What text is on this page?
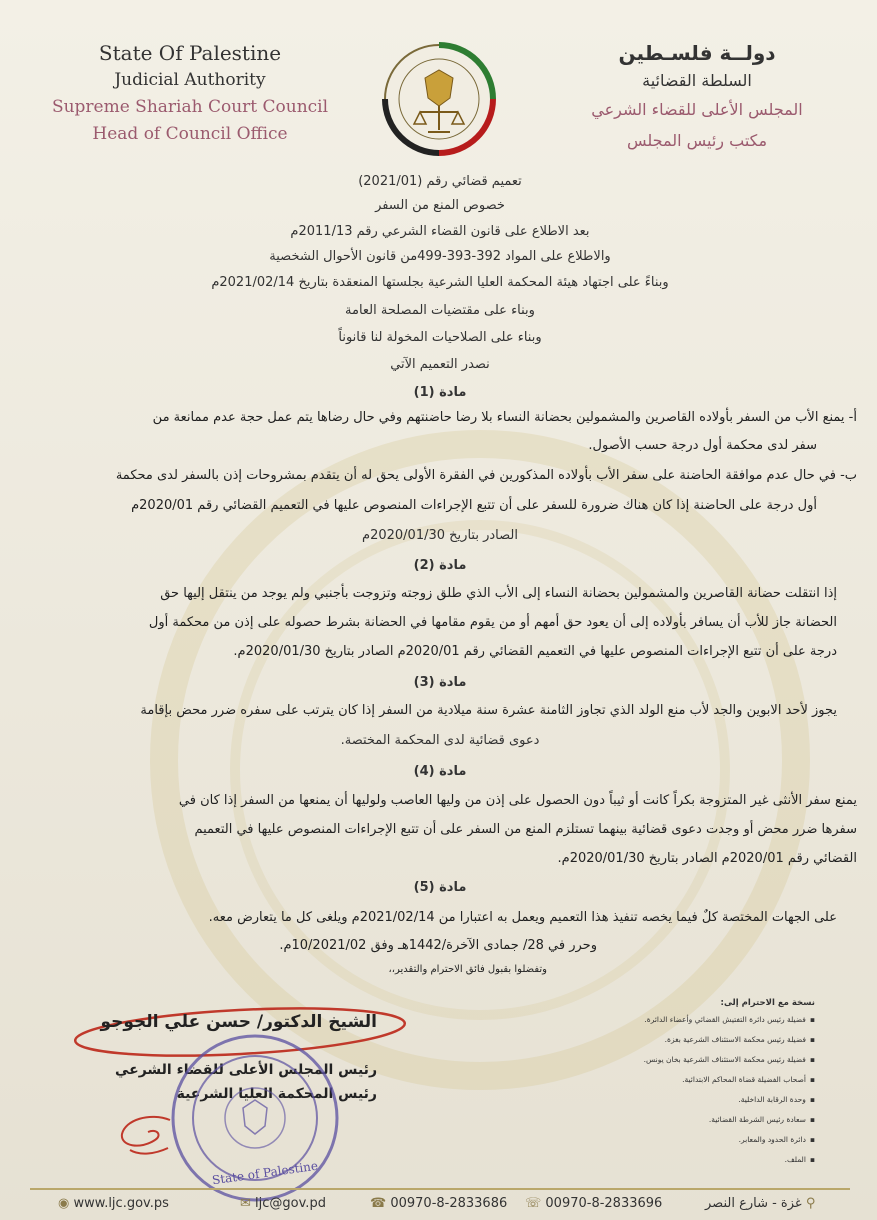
State Of Palestine
Judicial Authority
Supreme Shariah Court Council
Head of Council Office
دولــة فلسـطين
السلطة القضائية
المجلس الأعلى للقضاء الشرعي
مكتب رئيس المجلس
تعميم قضائي رقم (2021/01)
خصوص المنع من السفر
بعد الاطلاع على قانون القضاء الشرعي رقم 2011/13م
والاطلاع على المواد 392-393-499من قانون الأحوال الشخصية
وبناءً على اجتهاد هيئة المحكمة العليا الشرعية بجلستها المنعقدة بتاريخ 2021/02/14م
وبناء على مقتضيات المصلحة العامة
وبناء على الصلاحيات المخولة لنا قانوناً
نصدر التعميم الآتي
مادة (1)
أ- يمنع الأب من السفر بأولاده القاصرين والمشمولين بحضانة النساء بلا رضا حاضنتهم وفي حال رضاها يتم عمل حجة عدم ممانعة من
سفر لدى محكمة أول درجة حسب الأصول.
ب- في حال عدم موافقة الحاضنة على سفر الأب بأولاده المذكورين في الفقرة الأولى يحق له أن يتقدم بمشروحات إذن بالسفر لدى محكمة
أول درجة على الحاضنة إذا كان هناك ضرورة للسفر على أن تتبع الإجراءات المنصوص عليها في التعميم القضائي رقم 2020/01م
الصادر بتاريخ 2020/01/30م
مادة (2)
إذا انتقلت حضانة القاصرين والمشمولين بحضانة النساء إلى الأب الذي طلق زوجته وتزوجت بأجنبي ولم يوجد من ينتقل إليها حق
الحضانة جاز للأب أن يسافر بأولاده إلى أن يعود حق أمهم أو من يقوم مقامها في الحضانة بشرط حصوله على إذن من محكمة أول
درجة على أن تتبع الإجراءات المنصوص عليها في التعميم القضائي رقم 2020/01م الصادر بتاريخ 2020/01/30م.
مادة (3)
يجوز لأحد الابوين والجد لأب منع الولد الذي تجاوز الثامنة عشرة سنة ميلادية من السفر إذا كان يترتب على سفره ضرر محض بإقامة
دعوى قضائية لدى المحكمة المختصة.
مادة (4)
يمنع سفر الأنثى غير المتزوجة بكراً كانت أو ثيباً دون الحصول على إذن من وليها العاصب ولوليها أن يمنعها من السفر إذا كان في
سفرها ضرر محض أو وجدت دعوى قضائية بينهما تستلزم المنع من السفر على أن تتبع الإجراءات المنصوص عليها في التعميم
القضائي رقم 2020/01م الصادر بتاريخ 2020/01/30م.
مادة (5)
على الجهات المختصة كلٌ فيما يخصه تنفيذ هذا التعميم ويعمل به اعتبارا من 2021/02/14م ويلغى كل ما يتعارض معه.
وحرر في 28/ جمادى الآخرة/1442هـ وفق 10/2021/02م.
وتفضلوا بقبول فائق الاحترام والتقدير،،
الشيخ الدكتور/ حسن علي الجوجو
رئيس المجلس الأعلى للقضاء الشرعي
رئيس المحكمة العليا الشرعية
State of Palestine
نسخة مع الاحترام إلى:
▪ فضيلة رئيس دائرة التفتيش القضائي وأعضاء الدائرة.
▪ فضيلة رئيس محكمة الاستئناف الشرعية بغزة.
▪ فضيلة رئيس محكمة الاستئناف الشرعية بخان يونس.
▪ أصحاب الفضيلة قضاة المحاكم الابتدائية.
▪ وحدة الرقابة الداخلية.
▪ سعادة رئيس الشرطة القضائية.
▪ دائرة الحدود والمعابر.
▪ الملف.
◉ www.ljc.gov.ps	✉ ljc@gov.pd	☎ 00970-8-2833686 ☏ 00970-8-2833696	⚲ غزة - شارع النصر
